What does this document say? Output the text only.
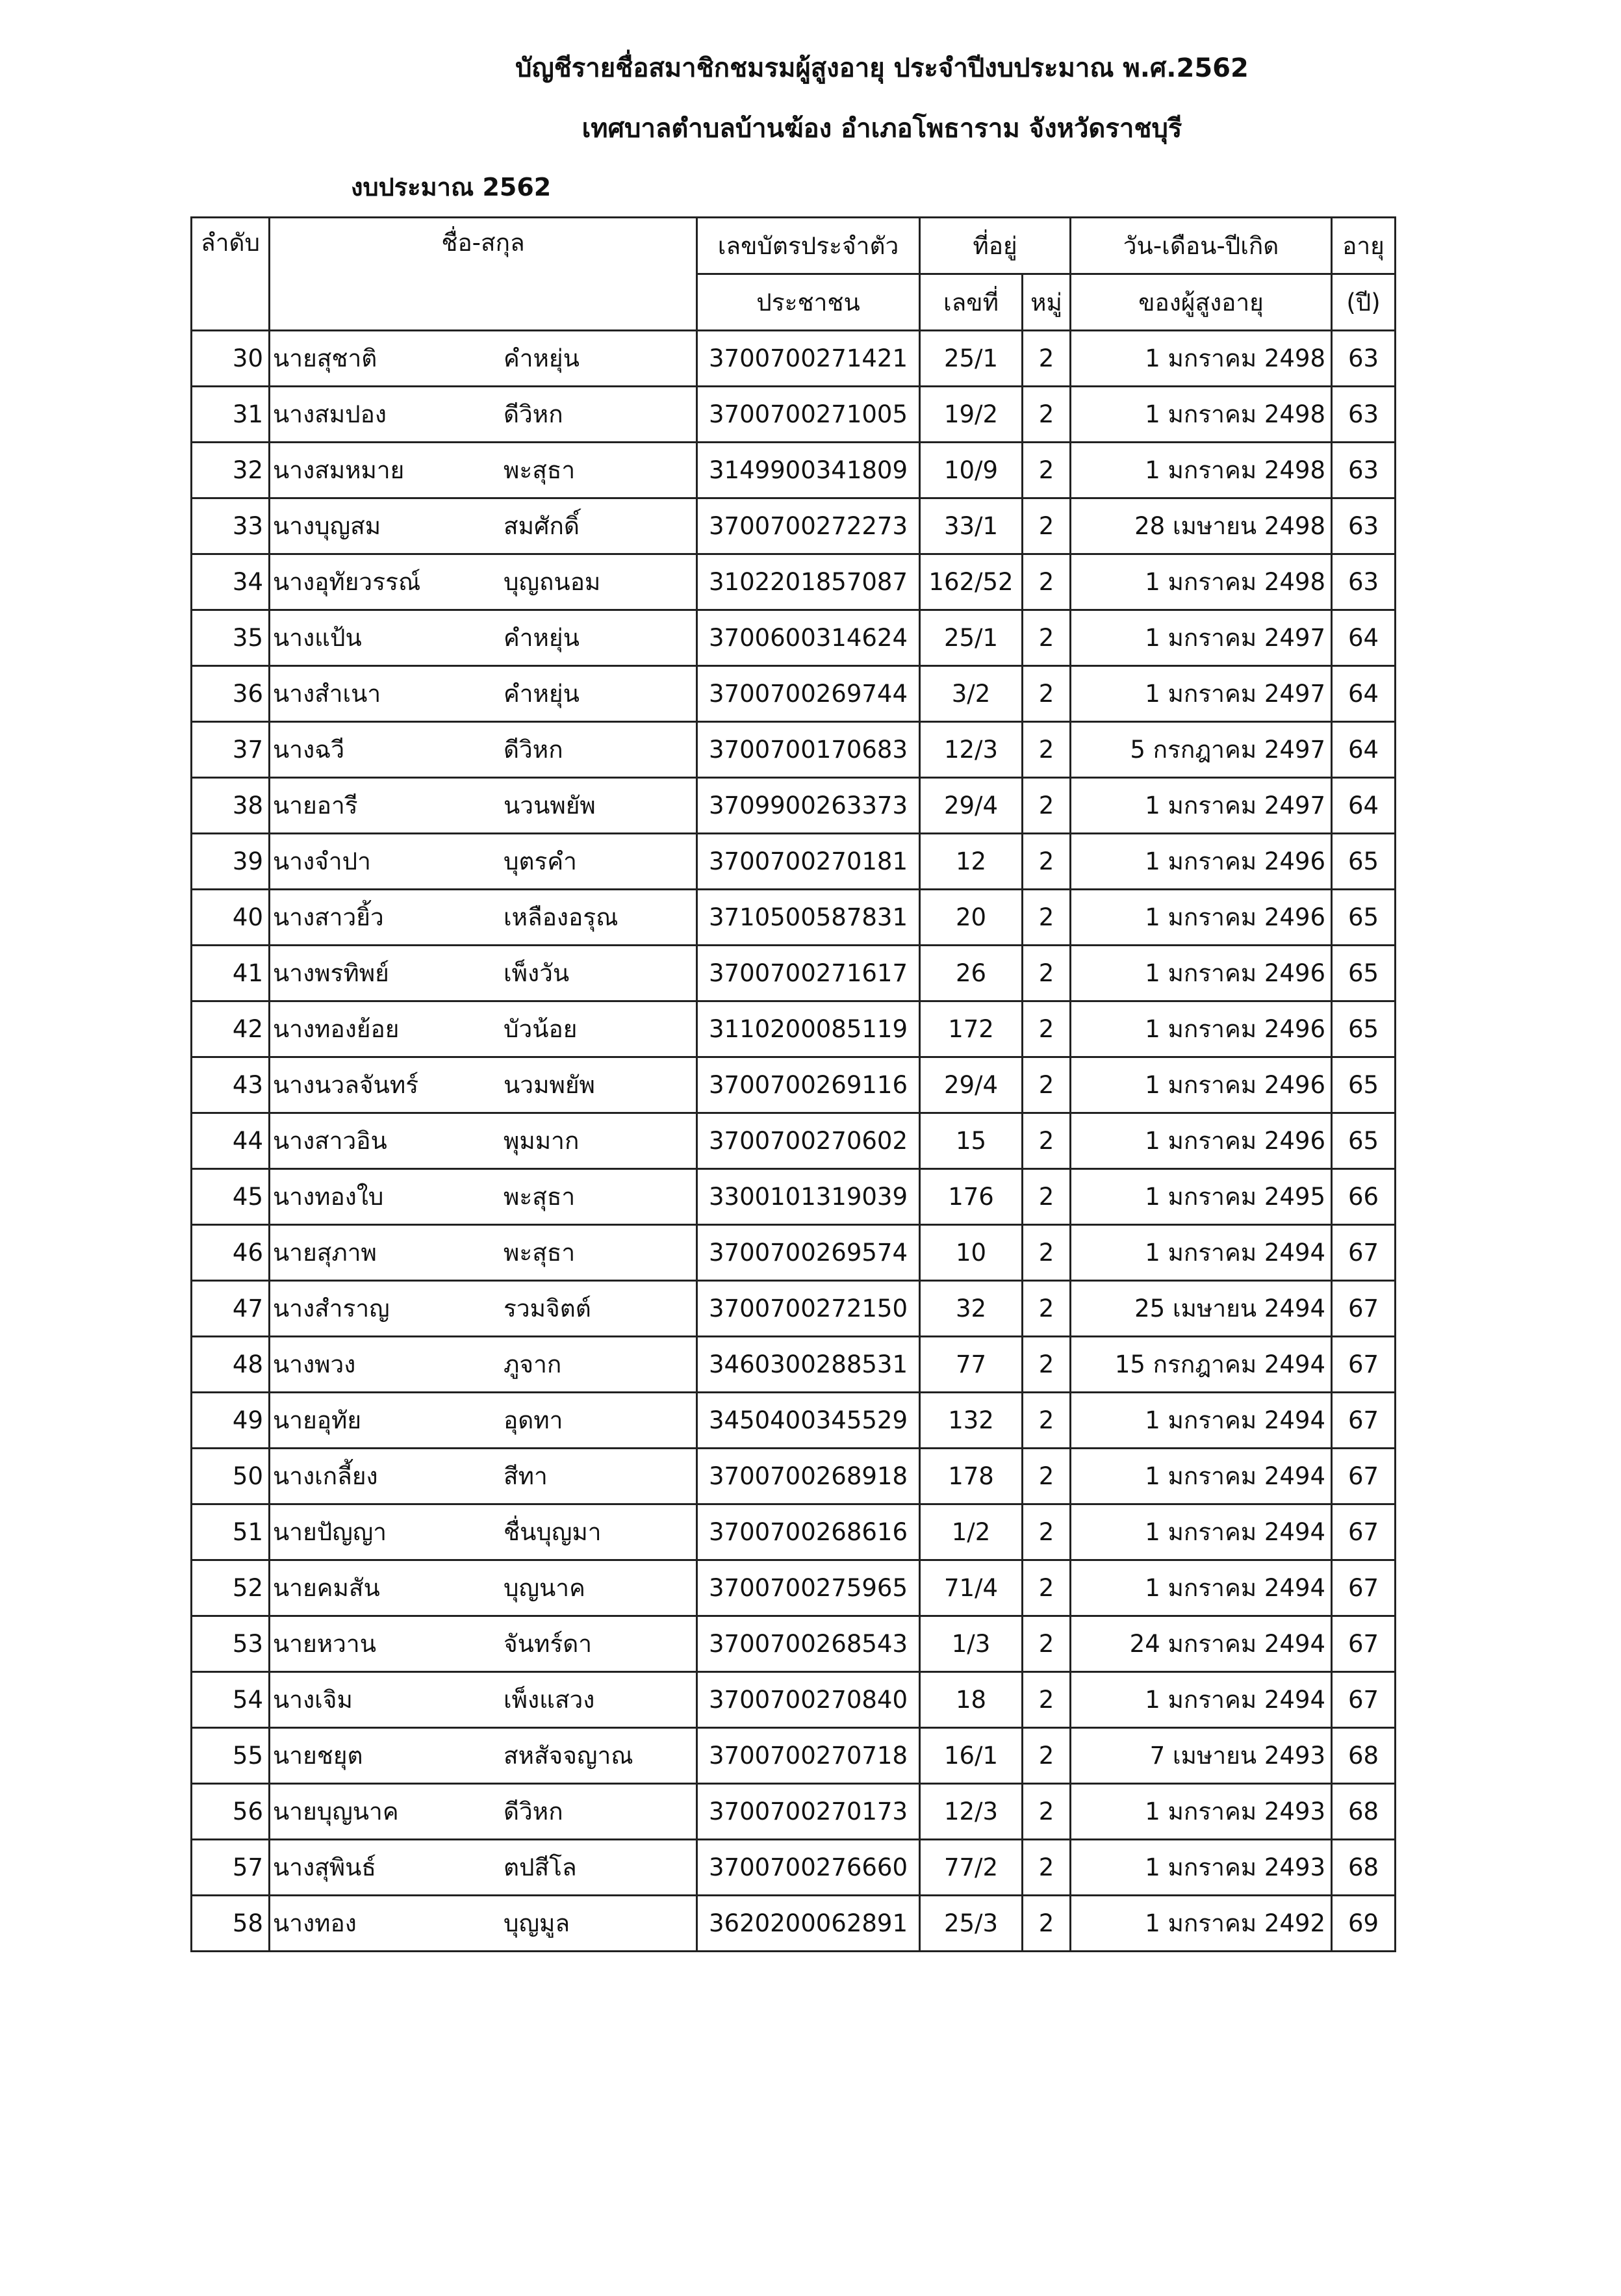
บัญชีรายชื่อสมาชิกชมรมผู้สูงอายุ ประจำปีงบประมาณ พ.ศ.2562
เทศบาลตำบลบ้านฆ้อง อำเภอโพธาราม จังหวัดราชบุรี
งบประมาณ 2562
ลำดับ	ชื่อ-สกุล	เลขบัตรประจำตัว	ที่อยู่		วัน-เดือน-ปีเกิด	อายุ
		ประชาชน	เลขที่	หมู่	ของผู้สูงอายุ	(ปี)
30	นายสุชาติ คำหยุ่น	3700700271421	25/1	2	1 มกราคม 2498	63
31	นางสมปอง ดีวิหก	3700700271005	19/2	2	1 มกราคม 2498	63
32	นางสมหมาย พะสุธา	3149900341809	10/9	2	1 มกราคม 2498	63
33	นางบุญสม สมศักดิ์	3700700272273	33/1	2	28 เมษายน 2498	63
34	นางอุทัยวรรณ์ บุญถนอม	3102201857087	162/52	2	1 มกราคม 2498	63
35	นางแป้น คำหยุ่น	3700600314624	25/1	2	1 มกราคม 2497	64
36	นางสำเนา คำหยุ่น	3700700269744	3/2	2	1 มกราคม 2497	64
37	นางฉวี ดีวิหก	3700700170683	12/3	2	5 กรกฎาคม 2497	64
38	นายอารี นวนพยัพ	3709900263373	29/4	2	1 มกราคม 2497	64
39	นางจำปา บุตรคำ	3700700270181	12	2	1 มกราคม 2496	65
40	นางสาวยิ้ว เหลืองอรุณ	3710500587831	20	2	1 มกราคม 2496	65
41	นางพรทิพย์ เพ็งวัน	3700700271617	26	2	1 มกราคม 2496	65
42	นางทองย้อย บัวน้อย	3110200085119	172	2	1 มกราคม 2496	65
43	นางนวลจันทร์ นวมพยัพ	3700700269116	29/4	2	1 มกราคม 2496	65
44	นางสาวอิน พุมมาก	3700700270602	15	2	1 มกราคม 2496	65
45	นางทองใบ พะสุธา	3300101319039	176	2	1 มกราคม 2495	66
46	นายสุภาพ พะสุธา	3700700269574	10	2	1 มกราคม 2494	67
47	นางสำราญ รวมจิตต์	3700700272150	32	2	25 เมษายน 2494	67
48	นางพวง ภูจาก	3460300288531	77	2	15 กรกฎาคม 2494	67
49	นายอุทัย อุดทา	3450400345529	132	2	1 มกราคม 2494	67
50	นางเกลี้ยง สีทา	3700700268918	178	2	1 มกราคม 2494	67
51	นายปัญญา ชื่นบุญมา	3700700268616	1/2	2	1 มกราคม 2494	67
52	นายคมสัน บุญนาค	3700700275965	71/4	2	1 มกราคม 2494	67
53	นายหวาน จันทร์ดา	3700700268543	1/3	2	24 มกราคม 2494	67
54	นางเจิม เพ็งแสวง	3700700270840	18	2	1 มกราคม 2494	67
55	นายชยุต สหสัจจญาณ	3700700270718	16/1	2	7 เมษายน 2493	68
56	นายบุญนาค ดีวิหก	3700700270173	12/3	2	1 มกราคม 2493	68
57	นางสุพินธ์ ตปสีโล	3700700276660	77/2	2	1 มกราคม 2493	68
58	นางทอง บุญมูล	3620200062891	25/3	2	1 มกราคม 2492	69
